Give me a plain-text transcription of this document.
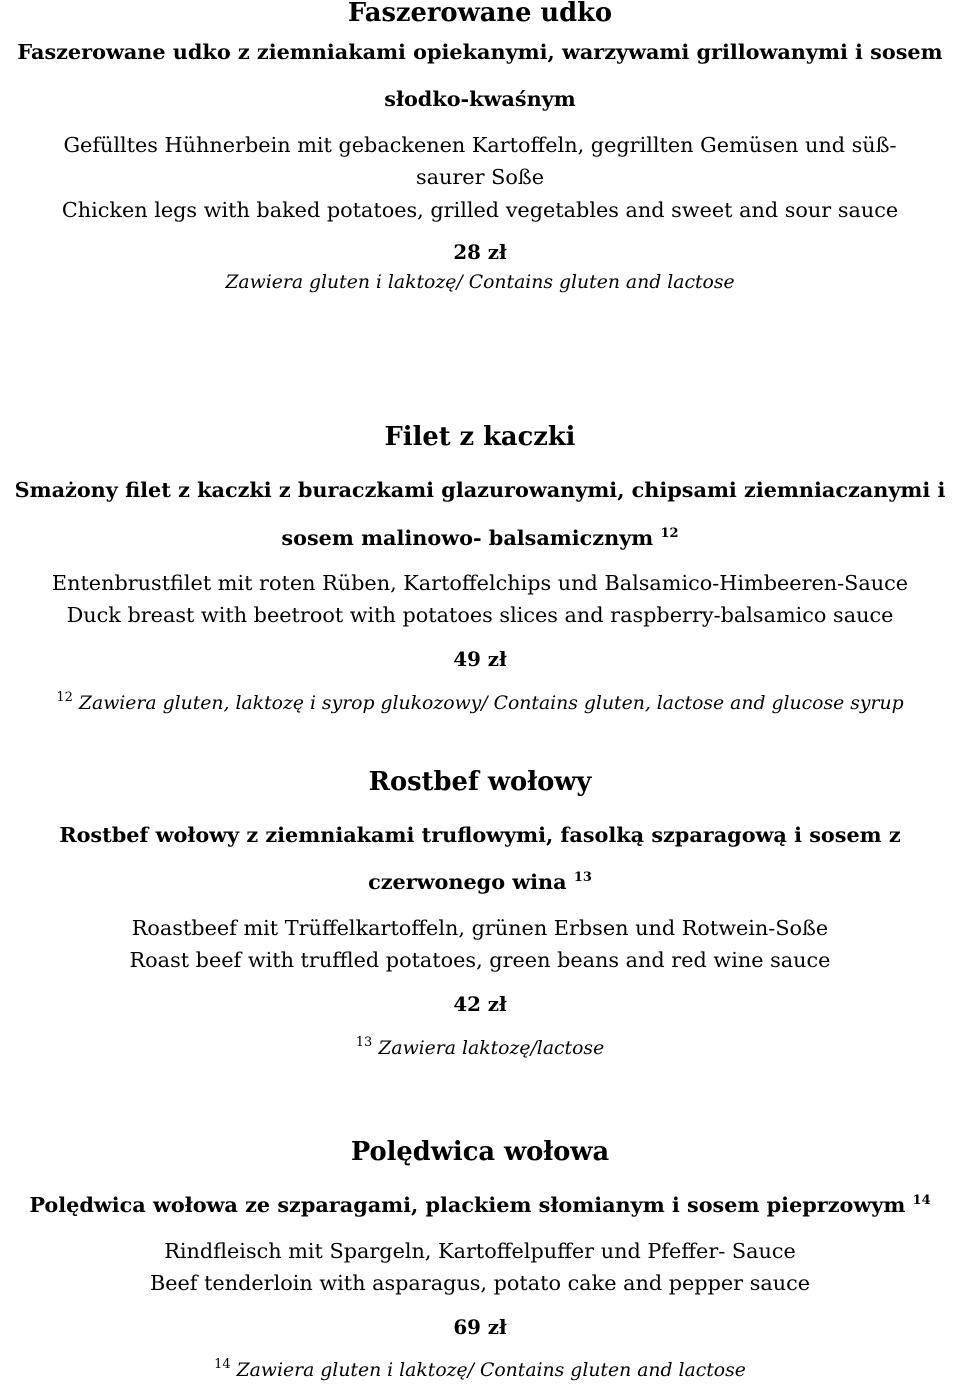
Faszerowane udko
Faszerowane udko z ziemniakami opiekanymi, warzywami grillowanymi i sosem
słodko-kwaśnym
Gefülltes Hühnerbein mit gebackenen Kartoffeln, gegrillten Gemüsen und süß-
saurer Soße
Chicken legs with baked potatoes, grilled vegetables and sweet and sour sauce
28 zł
Zawiera gluten i laktozę/ Contains gluten and lactose
Filet z kaczki
Smażony filet z kaczki z buraczkami glazurowanymi, chipsami ziemniaczanymi i
sosem malinowo- balsamicznym $^{12}$
Entenbrustfilet mit roten Rüben, Kartoffelchips und Balsamico-Himbeeren-Sauce
Duck breast with beetroot with potatoes slices and raspberry-balsamico sauce
49 zł
$^{12}$ Zawiera gluten, laktozę i syrop glukozowy/ Contains gluten, lactose and glucose syrup
Rostbef wołowy
Rostbef wołowy z ziemniakami truflowymi, fasolką szparagową i sosem z
czerwonego wina $^{13}$
Roastbeef mit Trüffelkartoffeln, grünen Erbsen und Rotwein-Soße
Roast beef with truffled potatoes, green beans and red wine sauce
42 zł
$^{13}$ Zawiera laktozę/lactose
Polędwica wołowa
Polędwica wołowa ze szparagami, plackiem słomianym i sosem pieprzowym $^{14}$
Rindfleisch mit Spargeln, Kartoffelpuffer und Pfeffer- Sauce
Beef tenderloin with asparagus, potato cake and pepper sauce
69 zł
$^{14}$ Zawiera gluten i laktozę/ Contains gluten and lactose
